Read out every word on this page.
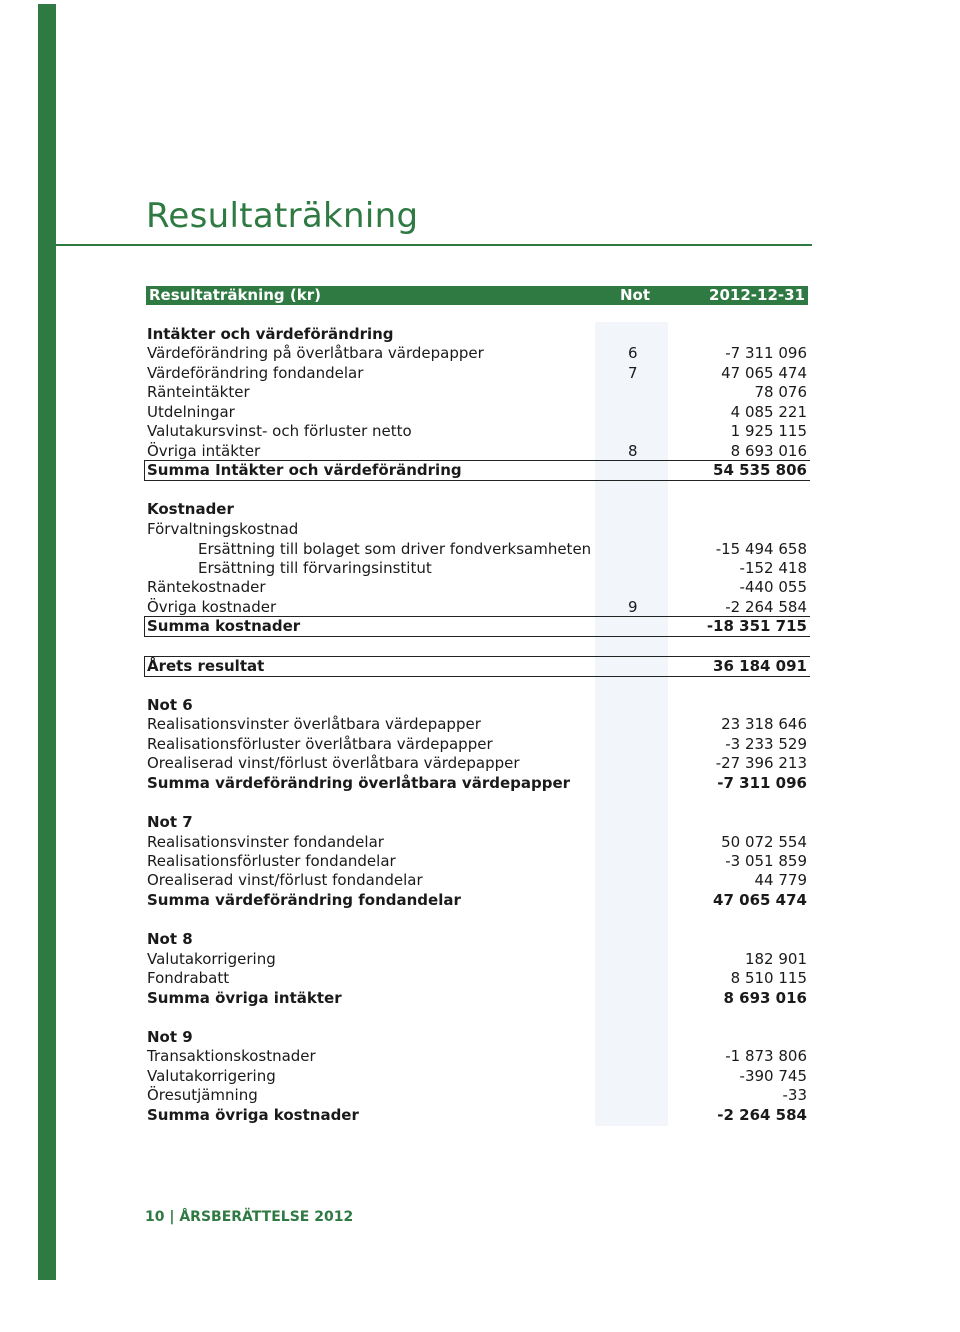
Resultaträkning
Resultaträkning (kr)	Not	2012-12-31
Intäkter och värdeförändring
Värdeförändring på överlåtbara värdepapper	6	-7 311 096
Värdeförändring fondandelar	7	47 065 474
Ränteintäkter	78 076
Utdelningar	4 085 221
Valutakursvinst- och förluster netto	1 925 115
Övriga intäkter	8	8 693 016
Summa Intäkter och värdeförändring	54 535 806
Kostnader
Förvaltningskostnad
Ersättning till bolaget som driver fondverksamheten	-15 494 658
Ersättning till förvaringsinstitut	-152 418
Räntekostnader	-440 055
Övriga kostnader	9	-2 264 584
Summa kostnader	-18 351 715
Årets resultat	36 184 091
Not 6
Realisationsvinster överlåtbara värdepapper	23 318 646
Realisationsförluster överlåtbara värdepapper	-3 233 529
Orealiserad vinst/förlust överlåtbara värdepapper	-27 396 213
Summa värdeförändring överlåtbara värdepapper	-7 311 096
Not 7
Realisationsvinster fondandelar	50 072 554
Realisationsförluster fondandelar	-3 051 859
Orealiserad vinst/förlust fondandelar	44 779
Summa värdeförändring fondandelar	47 065 474
Not 8
Valutakorrigering	182 901
Fondrabatt	8 510 115
Summa övriga intäkter	8 693 016
Not 9
Transaktionskostnader	-1 873 806
Valutakorrigering	-390 745
Öresutjämning	-33
Summa övriga kostnader	-2 264 584
10 | ÅRSBERÄTTELSE 2012
